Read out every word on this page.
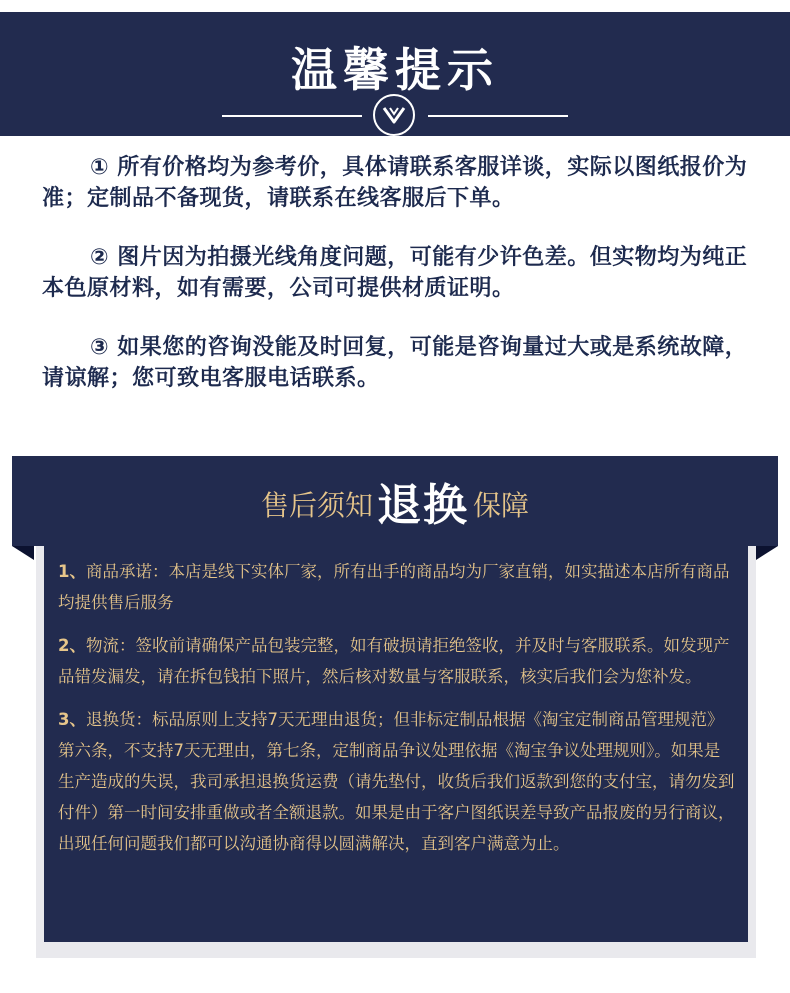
温馨提示

① 所有价格均为参考价，具体请联系客服详谈，实际以图纸报价为准；定制品不备现货，请联系在线客服后下单。

② 图片因为拍摄光线角度问题，可能有少许色差。但实物均为纯正本色原材料，如有需要，公司可提供材质证明。

③ 如果您的咨询没能及时回复，可能是咨询量过大或是系统故障，请谅解；您可致电客服电话联系。

售后须知 退换 保障

1、商品承诺：本店是线下实体厂家，所有出手的商品均为厂家直销，如实描述本店所有商品均提供售后服务

2、物流：签收前请确保产品包装完整，如有破损请拒绝签收，并及时与客服联系。如发现产品错发漏发，请在拆包钱拍下照片，然后核对数量与客服联系，核实后我们会为您补发。

3、退换货：标品原则上支持7天无理由退货；但非标定制品根据《淘宝定制商品管理规范》第六条，不支持7天无理由，第七条，定制商品争议处理依据《淘宝争议处理规则》。如果是生产造成的失误，我司承担退换货运费（请先垫付，收货后我们返款到您的支付宝，请勿发到付件）第一时间安排重做或者全额退款。如果是由于客户图纸误差导致产品报废的另行商议，出现任何问题我们都可以沟通协商得以圆满解决，直到客户满意为止。
